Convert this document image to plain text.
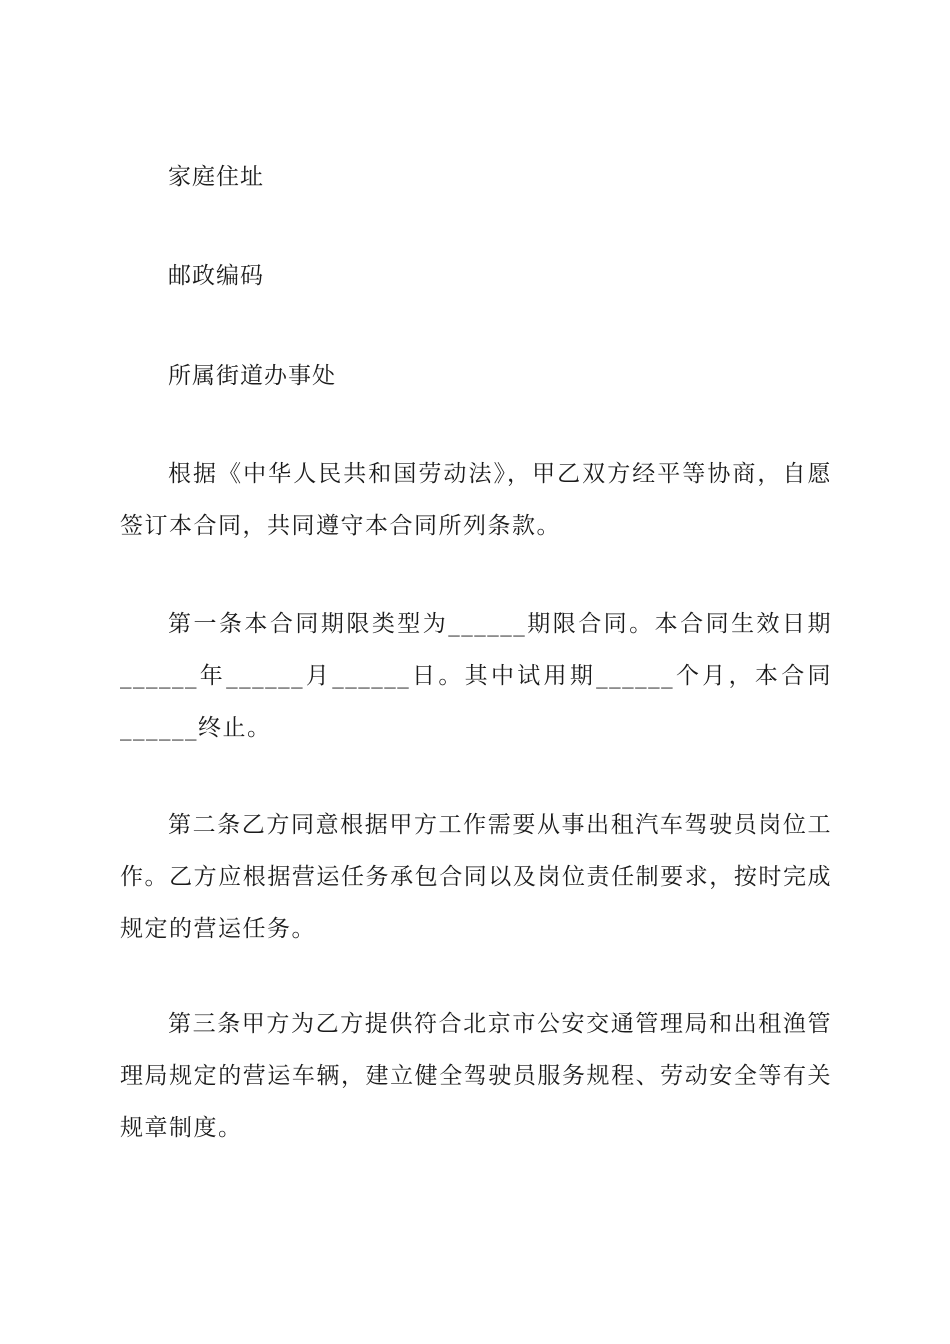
家庭住址
邮政编码
所属街道办事处

根据《中华人民共和国劳动法》，甲乙双方经平等协商，自愿签订本合同，共同遵守本合同所列条款。

第一条本合同期限类型为______期限合同。本合同生效日期______年______月______日。其中试用期______个月，本合同______终止。

第二条乙方同意根据甲方工作需要从事出租汽车驾驶员岗位工作。乙方应根据营运任务承包合同以及岗位责任制要求，按时完成规定的营运任务。

第三条甲方为乙方提供符合北京市公安交通管理局和出租渔管理局规定的营运车辆，建立健全驾驶员服务规程、劳动安全等有关规章制度。
